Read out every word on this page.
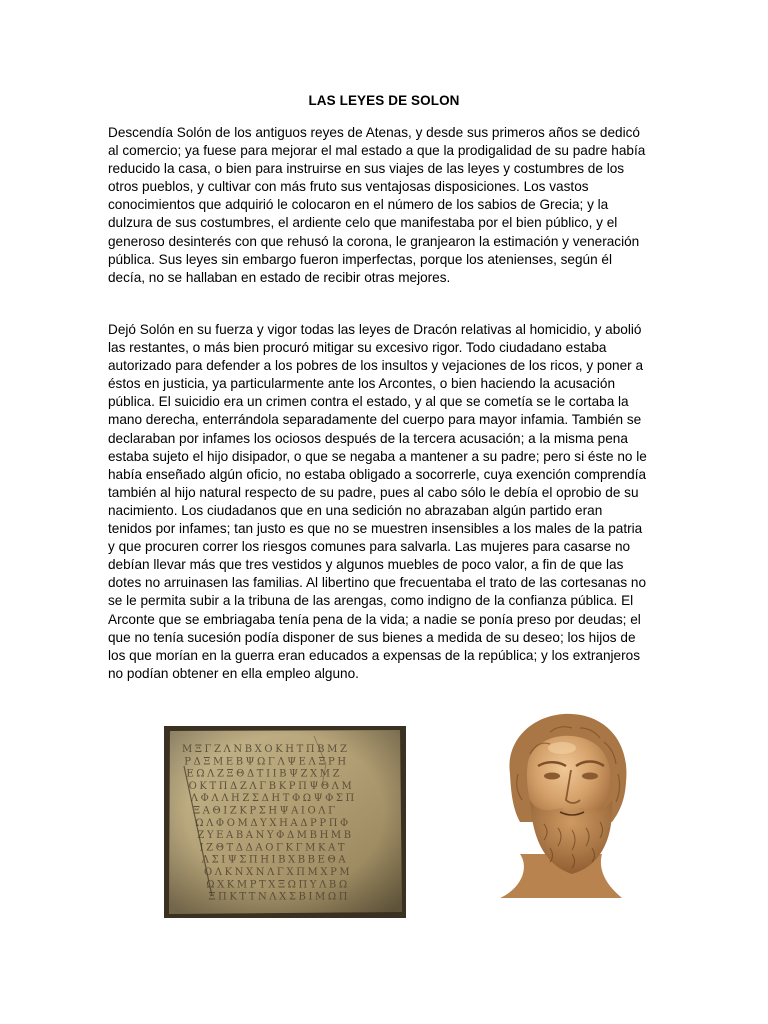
LAS LEYES DE SOLON
Descendía Solón de los antiguos reyes de Atenas, y desde sus primeros años se dedicó
al comercio; ya fuese para mejorar el mal estado a que la prodigalidad de su padre había
reducido la casa, o bien para instruirse en sus viajes de las leyes y costumbres de los
otros pueblos, y cultivar con más fruto sus ventajosas disposiciones. Los vastos
conocimientos que adquirió le colocaron en el número de los sabios de Grecia; y la
dulzura de sus costumbres, el ardiente celo que manifestaba por el bien público, y el
generoso desinterés con que rehusó la corona, le granjearon la estimación y veneración
pública. Sus leyes sin embargo fueron imperfectas, porque los atenienses, según él
decía, no se hallaban en estado de recibir otras mejores.
Dejó Solón en su fuerza y vigor todas las leyes de Dracón relativas al homicidio, y abolió
las restantes, o más bien procuró mitigar su excesivo rigor. Todo ciudadano estaba
autorizado para defender a los pobres de los insultos y vejaciones de los ricos, y poner a
éstos en justicia, ya particularmente ante los Arcontes, o bien haciendo la acusación
pública. El suicidio era un crimen contra el estado, y al que se cometía se le cortaba la
mano derecha, enterrándola separadamente del cuerpo para mayor infamia. También se
declaraban por infames los ociosos después de la tercera acusación; a la misma pena
estaba sujeto el hijo disipador, o que se negaba a mantener a su padre; pero si éste no le
había enseñado algún oficio, no estaba obligado a socorrerle, cuya exención comprendía
también al hijo natural respecto de su padre, pues al cabo sólo le debía el oprobio de su
nacimiento. Los ciudadanos que en una sedición no abrazaban algún partido eran
tenidos por infames; tan justo es que no se muestren insensibles a los males de la patria
y que procuren correr los riesgos comunes para salvarla. Las mujeres para casarse no
debían llevar más que tres vestidos y algunos muebles de poco valor, a fin de que las
dotes no arruinasen las familias. Al libertino que frecuentaba el trato de las cortesanas no
se le permita subir a la tribuna de las arengas, como indigno de la confianza pública. El
Arconte que se embriagaba tenía pena de la vida; a nadie se ponía preso por deudas; el
que no tenía sucesión podía disponer de sus bienes a medida de su deseo; los hijos de
los que morían en la guerra eran educados a expensas de la república; y los extranjeros
no podían obtener en ella empleo alguno.
ΜΞΓΖΛΝΒΧΟΚΗΤΠΒΜΖ
ΡΔΞΜΕΒΨΩΓΛΨΕΛΞΡΗ
ΕΩΛΖΞΘΔΤΙΙΒΨΖΧΜΖ
ΟΚΤΠΔΖΛΓΒΚΡΠΨΘΛΜ
ΛΦΛΛΗΖΣΔΗΤΦΩΨΦΣΠ
ΞΑΘΙΖΚΡΣΗΨΑΙΟΛΓ
ΩΛΦΟΜΔΥΧΗΑΔΡΡΠΦ
ΖΥΕΑΒΑΝΥΦΔΜΒΗΜΒ
ΙΖΘΤΔΔΑΟΓΚΓΜΚΑΤ
ΛΣΙΨΣΠΗΙΒΧΒΒΕΘΑ
ΟΛΚΝΧΝΛΓΧΠΜΧΡΜ
ΩΧΚΜΡΤΧΞΩΠΥΛΒΩ
ΞΠΚΤΤΝΛΧΣΒΙΜΩΠ
